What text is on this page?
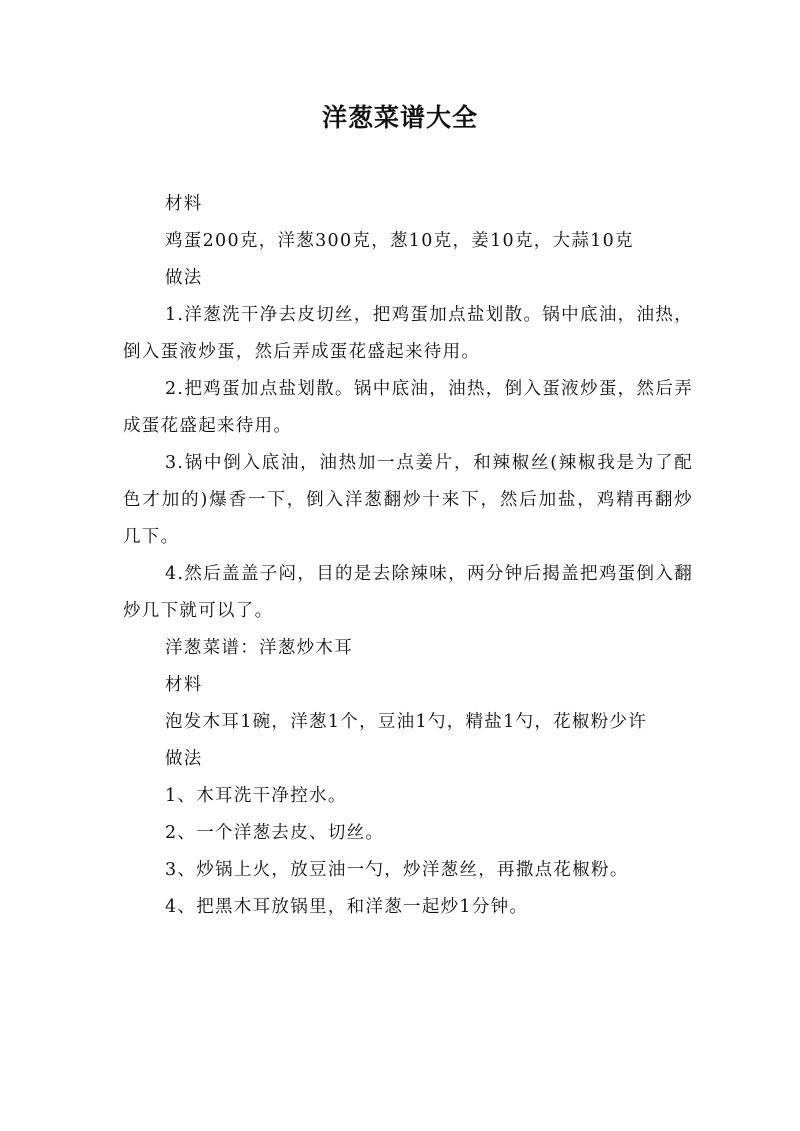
洋葱菜谱大全

材料

鸡蛋200克，洋葱300克，葱10克，姜10克，大蒜10克

做法

1.洋葱洗干净去皮切丝，把鸡蛋加点盐划散。锅中底油，油热，倒入蛋液炒蛋，然后弄成蛋花盛起来待用。

2.把鸡蛋加点盐划散。锅中底油，油热，倒入蛋液炒蛋，然后弄成蛋花盛起来待用。

3.锅中倒入底油，油热加一点姜片，和辣椒丝(辣椒我是为了配色才加的)爆香一下，倒入洋葱翻炒十来下，然后加盐，鸡精再翻炒几下。

4.然后盖盖子闷，目的是去除辣味，两分钟后揭盖把鸡蛋倒入翻炒几下就可以了。

洋葱菜谱：洋葱炒木耳

材料

泡发木耳1碗，洋葱1个，豆油1勺，精盐1勺，花椒粉少许

做法

1、木耳洗干净控水。

2、一个洋葱去皮、切丝。

3、炒锅上火，放豆油一勺，炒洋葱丝，再撒点花椒粉。

4、把黑木耳放锅里，和洋葱一起炒1分钟。
